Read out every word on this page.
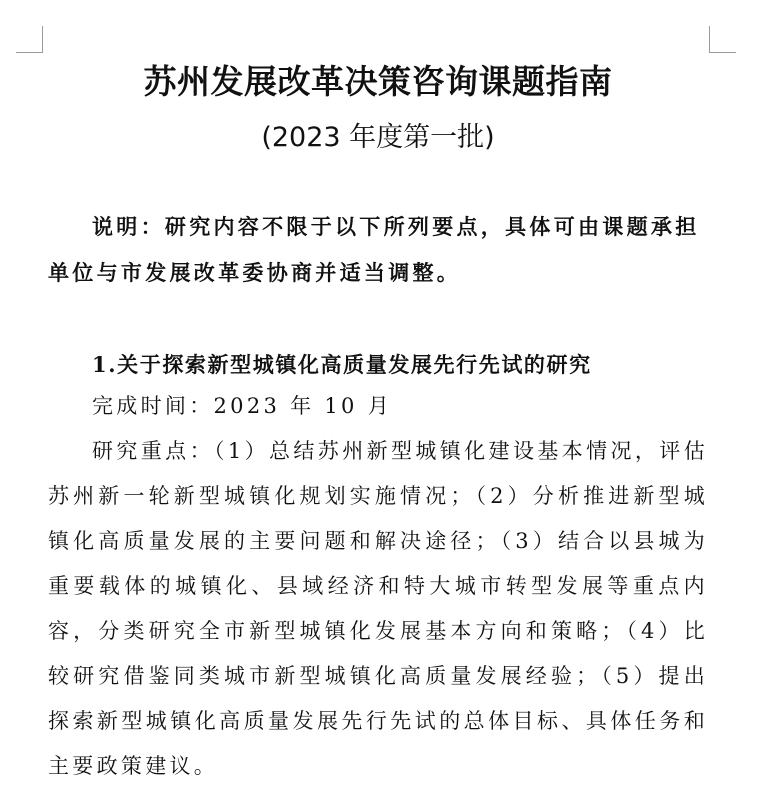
苏州发展改革决策咨询课题指南
(2023 年度第一批)

说明：研究内容不限于以下所列要点，具体可由课题承担单位与市发展改革委协商并适当调整。

1.关于探索新型城镇化高质量发展先行先试的研究

完成时间：2023 年 10 月

研究重点：（1）总结苏州新型城镇化建设基本情况，评估苏州新一轮新型城镇化规划实施情况；（2）分析推进新型城镇化高质量发展的主要问题和解决途径；（3）结合以县城为重要载体的城镇化、县域经济和特大城市转型发展等重点内容，分类研究全市新型城镇化发展基本方向和策略；（4）比较研究借鉴同类城市新型城镇化高质量发展经验；（5）提出探索新型城镇化高质量发展先行先试的总体目标、具体任务和主要政策建议。
